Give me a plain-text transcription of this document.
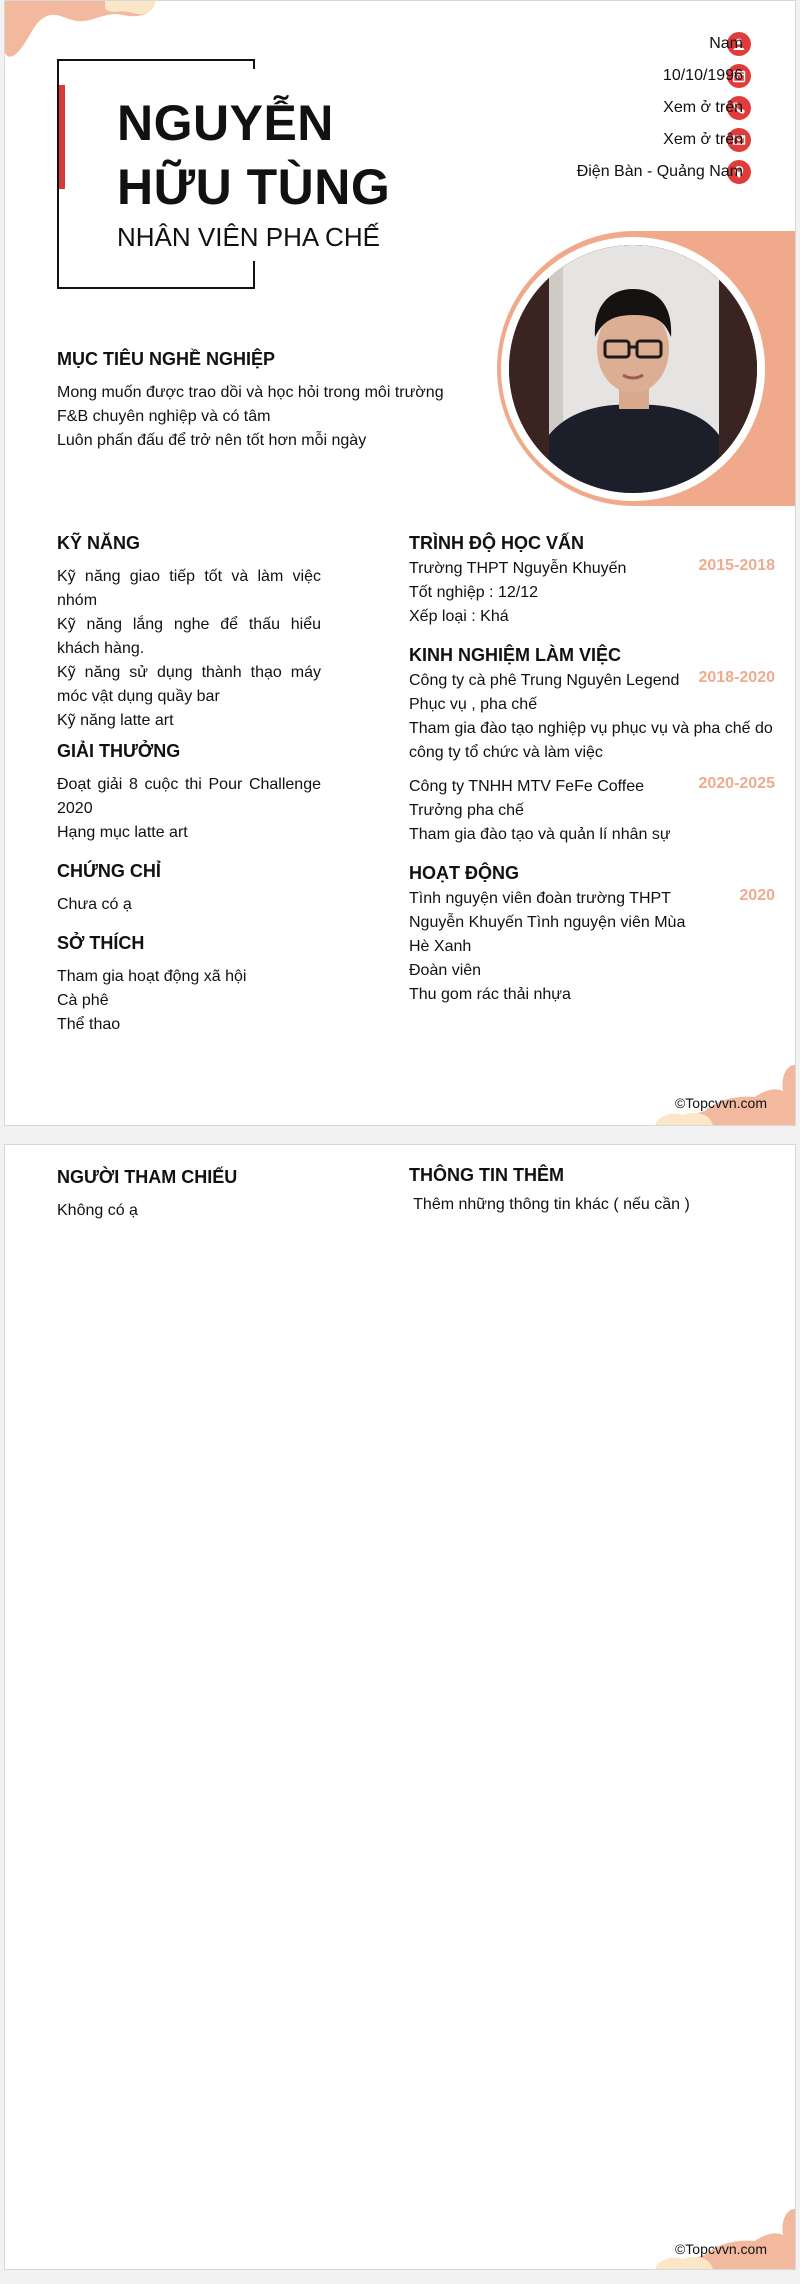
NGUYỄN HỮU TÙNG
NHÂN VIÊN PHA CHẾ
Nam
10/10/1996
Xem ở trên
Xem ở trên
Điện Bàn - Quảng Nam
MỤC TIÊU NGHỀ NGHIỆP
Mong muốn được trao dồi và học hỏi trong môi trường
F&B chuyên nghiệp và có tâm
Luôn phấn đấu để trở nên tốt hơn mỗi ngày
KỸ NĂNG
Kỹ năng giao tiếp tốt và làm việc nhóm
Kỹ năng lắng nghe để thấu hiểu khách hàng.
Kỹ năng sử dụng thành thạo máy móc vật dụng quầy bar
Kỹ năng latte art
GIẢI THƯỞNG
Đoạt giải 8 cuộc thi Pour Challenge 2020
Hạng mục latte art
CHỨNG CHỈ
Chưa có ạ
SỞ THÍCH
Tham gia hoạt động xã hội
Cà phê
Thể thao
TRÌNH ĐỘ HỌC VẤN
Trường THPT Nguyễn Khuyến	2015-2018
Tốt nghiệp : 12/12
Xếp loại : Khá
KINH NGHIỆM LÀM VIỆC
Công ty cà phê Trung Nguyên Legend 2018-2020
Phục vụ , pha chế
Tham gia đào tạo nghiệp vụ phục vụ và pha chế do công ty tổ chức và làm việc
Công ty TNHH MTV FeFe Coffee	2020-2025
Trưởng pha chế
Tham gia đào tạo và quản lí nhân sự
HOẠT ĐỘNG
Tình nguyện viên đoàn trường THPT	2020
Nguyễn Khuyến Tình nguyện viên Mùa
Hè Xanh
Đoàn viên
Thu gom rác thải nhựa
©Topcvvn.com
NGƯỜI THAM CHIẾU
Không có ạ
THÔNG TIN THÊM
Thêm những thông tin khác ( nếu cần )
©Topcvvn.com
